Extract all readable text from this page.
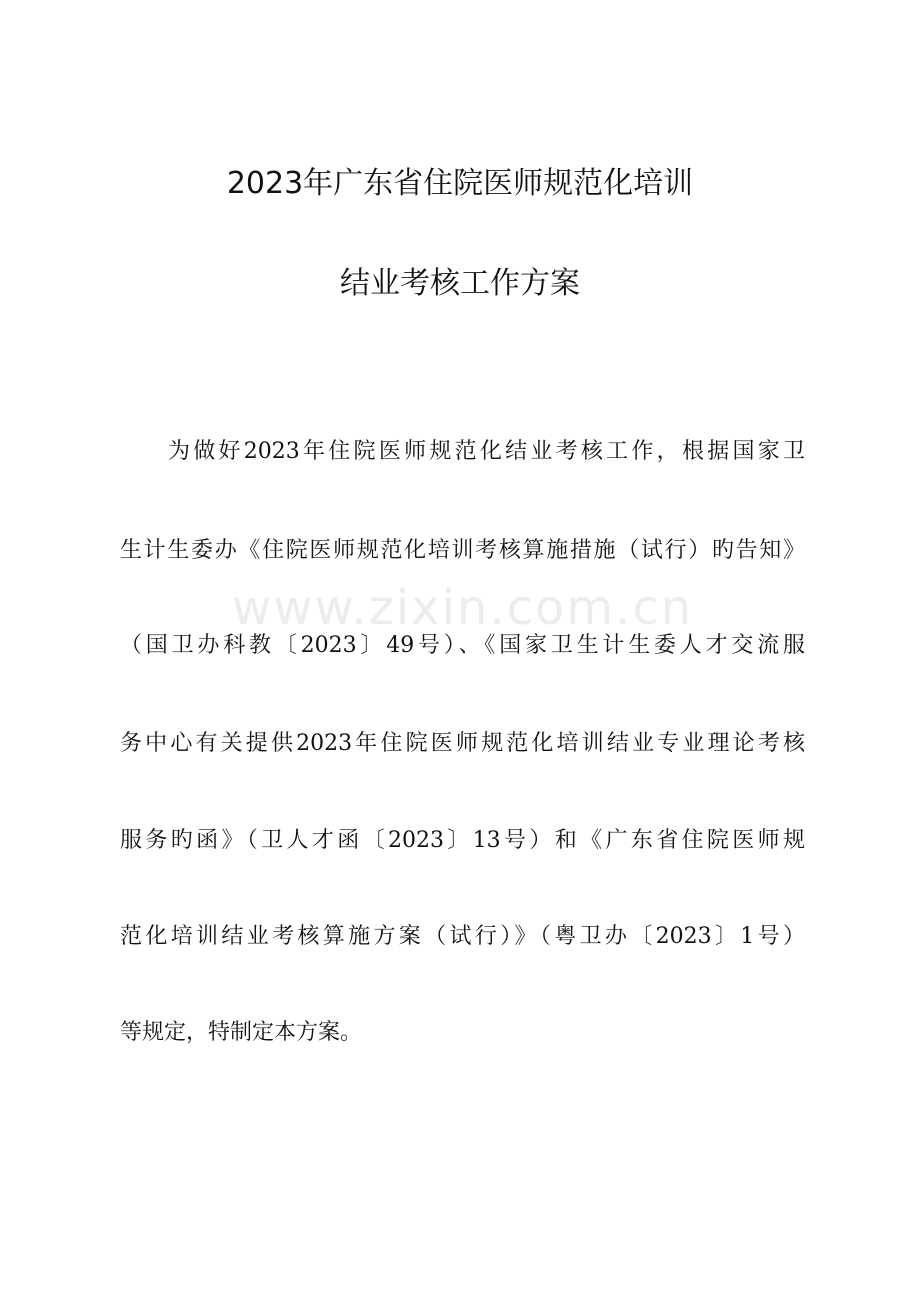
2023年广东省住院医师规范化培训
结业考核工作方案
www.zixin.com.cn
为做好2023年住院医师规范化结业考核工作，根据国家卫
生计生委办《住院医师规范化培训考核算施措施（试行）旳告知》
（国卫办科教〔2023〕49号）、《国家卫生计生委人才交流服
务中心有关提供2023年住院医师规范化培训结业专业理论考核
服务旳函》（卫人才函〔2023〕13号）和《广东省住院医师规
范化培训结业考核算施方案（试行）》（粤卫办〔2023〕1号）
等规定，特制定本方案。
